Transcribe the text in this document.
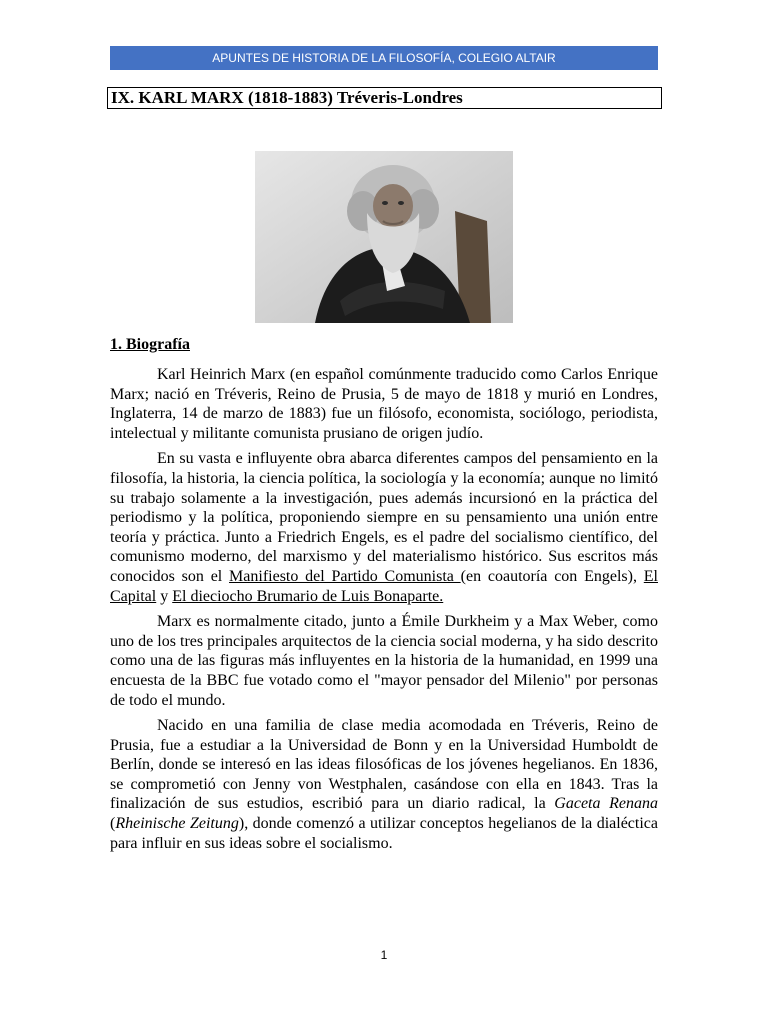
APUNTES DE HISTORIA DE LA FILOSOFÍA, COLEGIO ALTAIR
IX. KARL MARX (1818-1883) Tréveris-Londres
1. Biografía

Karl Heinrich Marx (en español comúnmente traducido como Carlos Enrique Marx; nació en Tréveris, Reino de Prusia, 5 de mayo de 1818 y murió en Londres, Inglaterra, 14 de marzo de 1883) fue un filósofo, economista, sociólogo, periodista, intelectual y militante comunista prusiano de origen judío.

En su vasta e influyente obra abarca diferentes campos del pensamiento en la filosofía, la historia, la ciencia política, la sociología y la economía; aunque no limitó su trabajo solamente a la investigación, pues además incursionó en la práctica del periodismo y la política, proponiendo siempre en su pensamiento una unión entre teoría y práctica. Junto a Friedrich Engels, es el padre del socialismo científico, del comunismo moderno, del marxismo y del materialismo histórico. Sus escritos más conocidos son el Manifiesto del Partido Comunista (en coautoría con Engels), El Capital y El dieciocho Brumario de Luis Bonaparte.

Marx es normalmente citado, junto a Émile Durkheim y a Max Weber, como uno de los tres principales arquitectos de la ciencia social moderna, y ha sido descrito como una de las figuras más influyentes en la historia de la humanidad, en 1999 una encuesta de la BBC fue votado como el "mayor pensador del Milenio" por personas de todo el mundo.

Nacido en una familia de clase media acomodada en Tréveris, Reino de Prusia, fue a estudiar a la Universidad de Bonn y en la Universidad Humboldt de Berlín, donde se interesó en las ideas filosóficas de los jóvenes hegelianos. En 1836, se comprometió con Jenny von Westphalen, casándose con ella en 1843. Tras la finalización de sus estudios, escribió para un diario radical, la Gaceta Renana (Rheinische Zeitung), donde comenzó a utilizar conceptos hegelianos de la dialéctica para influir en sus ideas sobre el socialismo.

1
